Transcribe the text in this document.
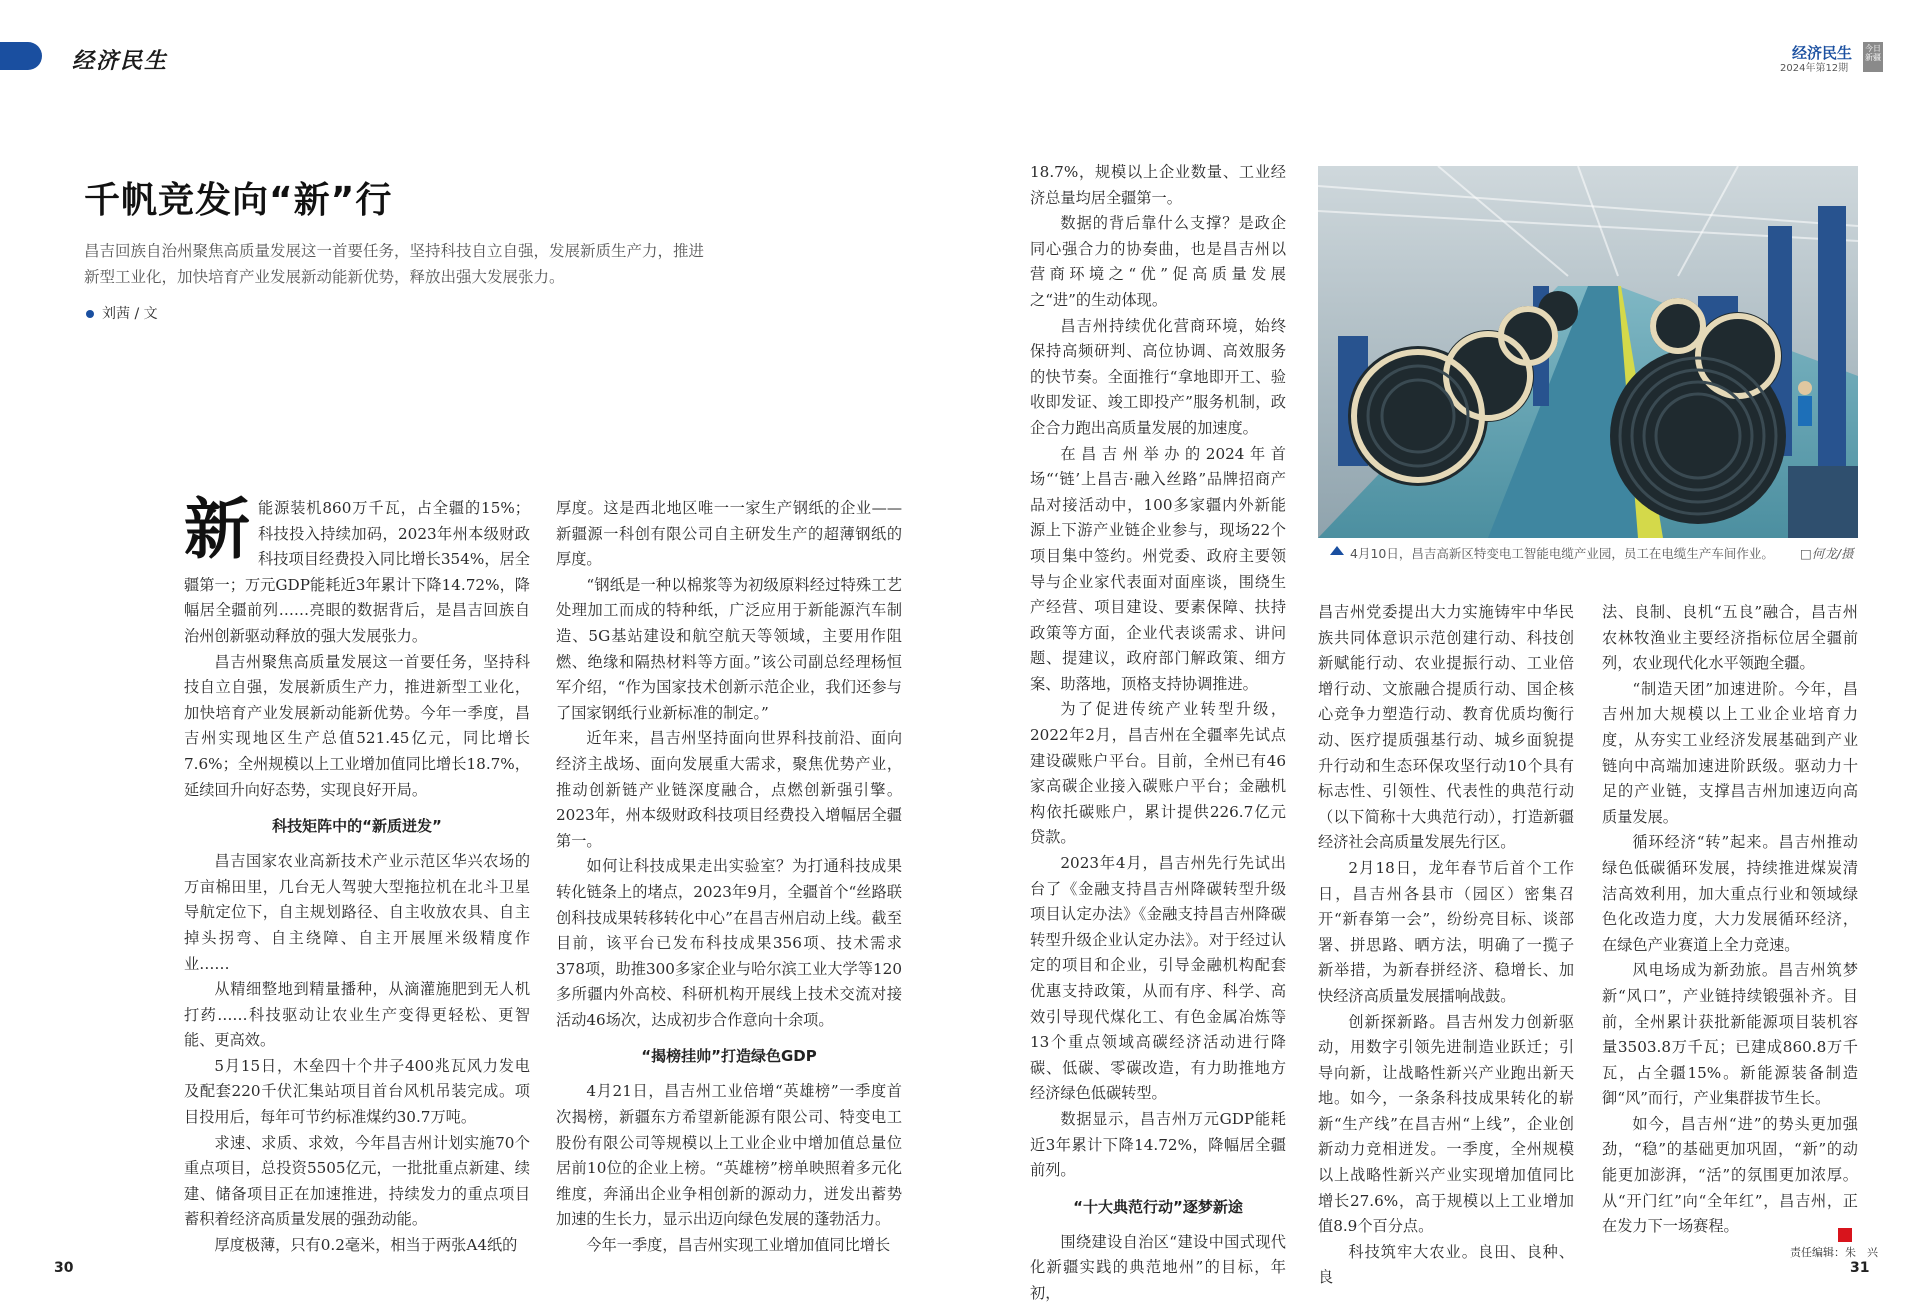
经济民生	经济民生
2024年第12期
今日新疆
千帆竞发向“新”行
昌吉回族自治州聚焦高质量发展这一首要任务，坚持科技自立自强，发展新质生产力，推进新型工业化，加快培育产业发展新动能新优势，释放出强大发展张力。
刘茜 / 文
新 能源装机860万千瓦，占全疆的15%；科技投入持续加码，2023年州本级财政科技项目经费投入同比增长354%，居全疆第一；万元GDP能耗近3年累计下降14.72%，降幅居全疆前列……亮眼的数据背后，是昌吉回族自治州创新驱动释放的强大发展张力。

昌吉州聚焦高质量发展这一首要任务，坚持科技自立自强，发展新质生产力，推进新型工业化，加快培育产业发展新动能新优势。今年一季度，昌吉州实现地区生产总值521.45亿元，同比增长7.6%；全州规模以上工业增加值同比增长18.7%，延续回升向好态势，实现良好开局。

科技矩阵中的“新质迸发”

昌吉国家农业高新技术产业示范区华兴农场的万亩棉田里，几台无人驾驶大型拖拉机在北斗卫星导航定位下，自主规划路径、自主收放农具、自主掉头拐弯、自主绕障、自主开展厘米级精度作业……

从精细整地到精量播种，从滴灌施肥到无人机打药……科技驱动让农业生产变得更轻松、更智能、更高效。

5月15日，木垒四十个井子400兆瓦风力发电及配套220千伏汇集站项目首台风机吊装完成。项目投用后，每年可节约标准煤约30.7万吨。

求速、求质、求效，今年昌吉州计划实施70个重点项目，总投资5505亿元，一批批重点新建、续建、储备项目正在加速推进，持续发力的重点项目蓄积着经济高质量发展的强劲动能。

厚度极薄，只有0.2毫米，相当于两张A4纸的

厚度。这是西北地区唯一一家生产钢纸的企业——新疆源一科创有限公司自主研发生产的超薄钢纸的厚度。

“钢纸是一种以棉浆等为初级原料经过特殊工艺处理加工而成的特种纸，广泛应用于新能源汽车制造、5G基站建设和航空航天等领域，主要用作阻燃、绝缘和隔热材料等方面。”该公司副总经理杨恒军介绍，“作为国家技术创新示范企业，我们还参与了国家钢纸行业新标准的制定。”

近年来，昌吉州坚持面向世界科技前沿、面向经济主战场、面向发展重大需求，聚焦优势产业，推动创新链产业链深度融合，点燃创新强引擎。2023年，州本级财政科技项目经费投入增幅居全疆第一。

如何让科技成果走出实验室？为打通科技成果转化链条上的堵点，2023年9月，全疆首个“丝路联创科技成果转移转化中心”在昌吉州启动上线。截至目前，该平台已发布科技成果356项、技术需求378项，助推300多家企业与哈尔滨工业大学等120多所疆内外高校、科研机构开展线上技术交流对接活动46场次，达成初步合作意向十余项。

“揭榜挂帅”打造绿色GDP

4月21日，昌吉州工业倍增“英雄榜”一季度首次揭榜，新疆东方希望新能源有限公司、特变电工股份有限公司等规模以上工业企业中增加值总量位居前10位的企业上榜。“英雄榜”榜单映照着多元化维度，奔涌出企业争相创新的源动力，迸发出蓄势加速的生长力，显示出迈向绿色发展的蓬勃活力。

今年一季度，昌吉州实现工业增加值同比增长

18.7%，规模以上企业数量、工业经济总量均居全疆第一。

数据的背后靠什么支撑？是政企同心强合力的协奏曲，也是昌吉州以营商环境之“优”促高质量发展之“进”的生动体现。

昌吉州持续优化营商环境，始终保持高频研判、高位协调、高效服务的快节奏。全面推行“拿地即开工、验收即发证、竣工即投产”服务机制，政企合力跑出高质量发展的加速度。

在昌吉州举办的2024年首场“‘链’上昌吉·融入丝路”品牌招商产品对接活动中，100多家疆内外新能源上下游产业链企业参与，现场22个项目集中签约。州党委、政府主要领导与企业家代表面对面座谈，围绕生产经营、项目建设、要素保障、扶持政策等方面，企业代表谈需求、讲问题、提建议，政府部门解政策、细方案、助落地，顶格支持协调推进。

为了促进传统产业转型升级，2022年2月，昌吉州在全疆率先试点建设碳账户平台。目前，全州已有46家高碳企业接入碳账户平台；金融机构依托碳账户，累计提供226.7亿元贷款。

2023年4月，昌吉州先行先试出台了《金融支持昌吉州降碳转型升级项目认定办法》《金融支持昌吉州降碳转型升级企业认定办法》。对于经过认定的项目和企业，引导金融机构配套优惠支持政策，从而有序、科学、高效引导现代煤化工、有色金属冶炼等13个重点领域高碳经济活动进行降碳、低碳、零碳改造，有力助推地方经济绿色低碳转型。

数据显示，昌吉州万元GDP能耗近3年累计下降14.72%，降幅居全疆前列。

“十大典范行动”逐梦新途

围绕建设自治区“建设中国式现代化新疆实践的典范地州”的目标，年初，

4月10日，昌吉高新区特变电工智能电缆产业园，员工在电缆生产车间作业。 □何龙/摄

昌吉州党委提出大力实施铸牢中华民族共同体意识示范创建行动、科技创新赋能行动、农业提振行动、工业倍增行动、文旅融合提质行动、国企核心竞争力塑造行动、教育优质均衡行动、医疗提质强基行动、城乡面貌提升行动和生态环保攻坚行动10个具有标志性、引领性、代表性的典范行动（以下简称十大典范行动），打造新疆经济社会高质量发展先行区。

2月18日，龙年春节后首个工作日，昌吉州各县市（园区）密集召开“新春第一会”，纷纷亮目标、谈部署、拼思路、晒方法，明确了一揽子新举措，为新春拼经济、稳增长、加快经济高质量发展擂响战鼓。

创新探新路。昌吉州发力创新驱动，用数字引领先进制造业跃迁；引导向新，让战略性新兴产业跑出新天地。如今，一条条科技成果转化的崭新“生产线”在昌吉州“上线”，企业创新动力竞相迸发。一季度，全州规模以上战略性新兴产业实现增加值同比增长27.6%，高于规模以上工业增加值8.9个百分点。

科技筑牢大农业。良田、良种、良

法、良制、良机“五良”融合，昌吉州农林牧渔业主要经济指标位居全疆前列，农业现代化水平领跑全疆。

“制造天团”加速进阶。今年，昌吉州加大规模以上工业企业培育力度，从夯实工业经济发展基础到产业链向中高端加速进阶跃级。驱动力十足的产业链，支撑昌吉州加速迈向高质量发展。

循环经济“转”起来。昌吉州推动绿色低碳循环发展，持续推进煤炭清洁高效利用，加大重点行业和领域绿色化改造力度，大力发展循环经济，在绿色产业赛道上全力竞速。

风电场成为新劲旅。昌吉州筑梦新“风口”，产业链持续锻强补齐。目前，全州累计获批新能源项目装机容量3503.8万千瓦；已建成860.8万千瓦，占全疆15%。新能源装备制造御“风”而行，产业集群拔节生长。

如今，昌吉州“进”的势头更加强劲，“稳”的基础更加巩固，“新”的动能更加澎湃，“活”的氛围更加浓厚。从“开门红”向“全年红”，昌吉州，正在发力下一场赛程。

30
责任编辑：朱　兴
31
